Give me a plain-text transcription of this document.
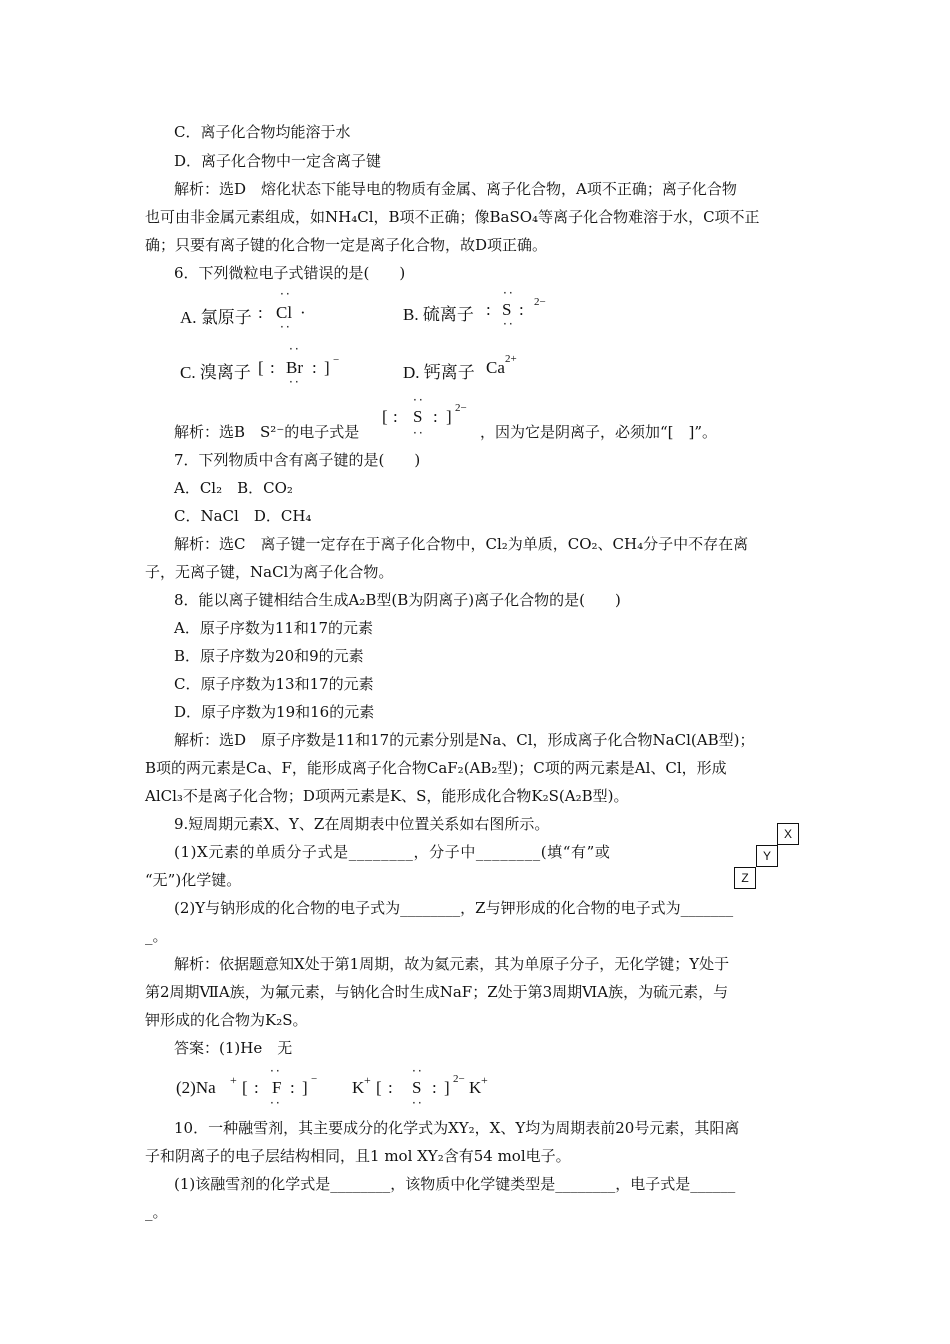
C．离子化合物均能溶于水
D．离子化合物中一定含离子键
解析：选D　熔化状态下能导电的物质有金属、离子化合物，A项不正确；离子化合物
也可由非金属元素组成，如NH₄Cl，B项不正确；像BaSO₄等离子化合物难溶于水，C项不正
确；只要有离子键的化合物一定是离子化合物，故D项正确。
6．下列微粒电子式错误的是(　　)
A. 氯原子 : Cl ·
··
··
B. 硫离子 : S : 2−
··
··
C. 溴离子 [ : Br : ] −
··
··	D. 钙离子 Ca 2+
解析：选B　S²⁻的电子式是
[ : S : ] 2−
··
··	，因为它是阴离子，必须加“[　]”。
7．下列物质中含有离子键的是(　　)
A．Cl₂　B．CO₂
C．NaCl　D．CH₄
解析：选C　离子键一定存在于离子化合物中，Cl₂为单质，CO₂、CH₄分子中不存在离
子，无离子键，NaCl为离子化合物。
8．能以离子键相结合生成A₂B型(B为阴离子)离子化合物的是(　　)
A．原子序数为11和17的元素
B．原子序数为20和9的元素
C．原子序数为13和17的元素
D．原子序数为19和16的元素
解析：选D　原子序数是11和17的元素分别是Na、Cl，形成离子化合物NaCl(AB型)；
B项的两元素是Ca、F，能形成离子化合物CaF₂(AB₂型)；C项的两元素是Al、Cl，形成
AlCl₃不是离子化合物；D项两元素是K、S，能形成化合物K₂S(A₂B型)。
9.短周期元素X、Y、Z在周期表中位置关系如右图所示。
(1)X元素的单质分子式是________，分子中________(填“有”或
“无”)化学键。
X
Y
Z
(2)Y与钠形成的化合物的电子式为________，Z与钾形成的化合物的电子式为_______
_。
解析：依据题意知X处于第1周期，故为氦元素，其为单原子分子，无化学键；Y处于
第2周期ⅦA族，为氟元素，与钠化合时生成NaF；Z处于第3周期ⅥA族，为硫元素，与
钾形成的化合物为K₂S。
答案：(1)He　无
(2)Na + [ : F : ] −
··
··
K + [ : S : ] 2− K +
··
··
10．一种融雪剂，其主要成分的化学式为XY₂，X、Y均为周期表前20号元素，其阳离
子和阴离子的电子层结构相同，且1 mol XY₂含有54 mol电子。
(1)该融雪剂的化学式是________，该物质中化学键类型是________，电子式是______
_。
